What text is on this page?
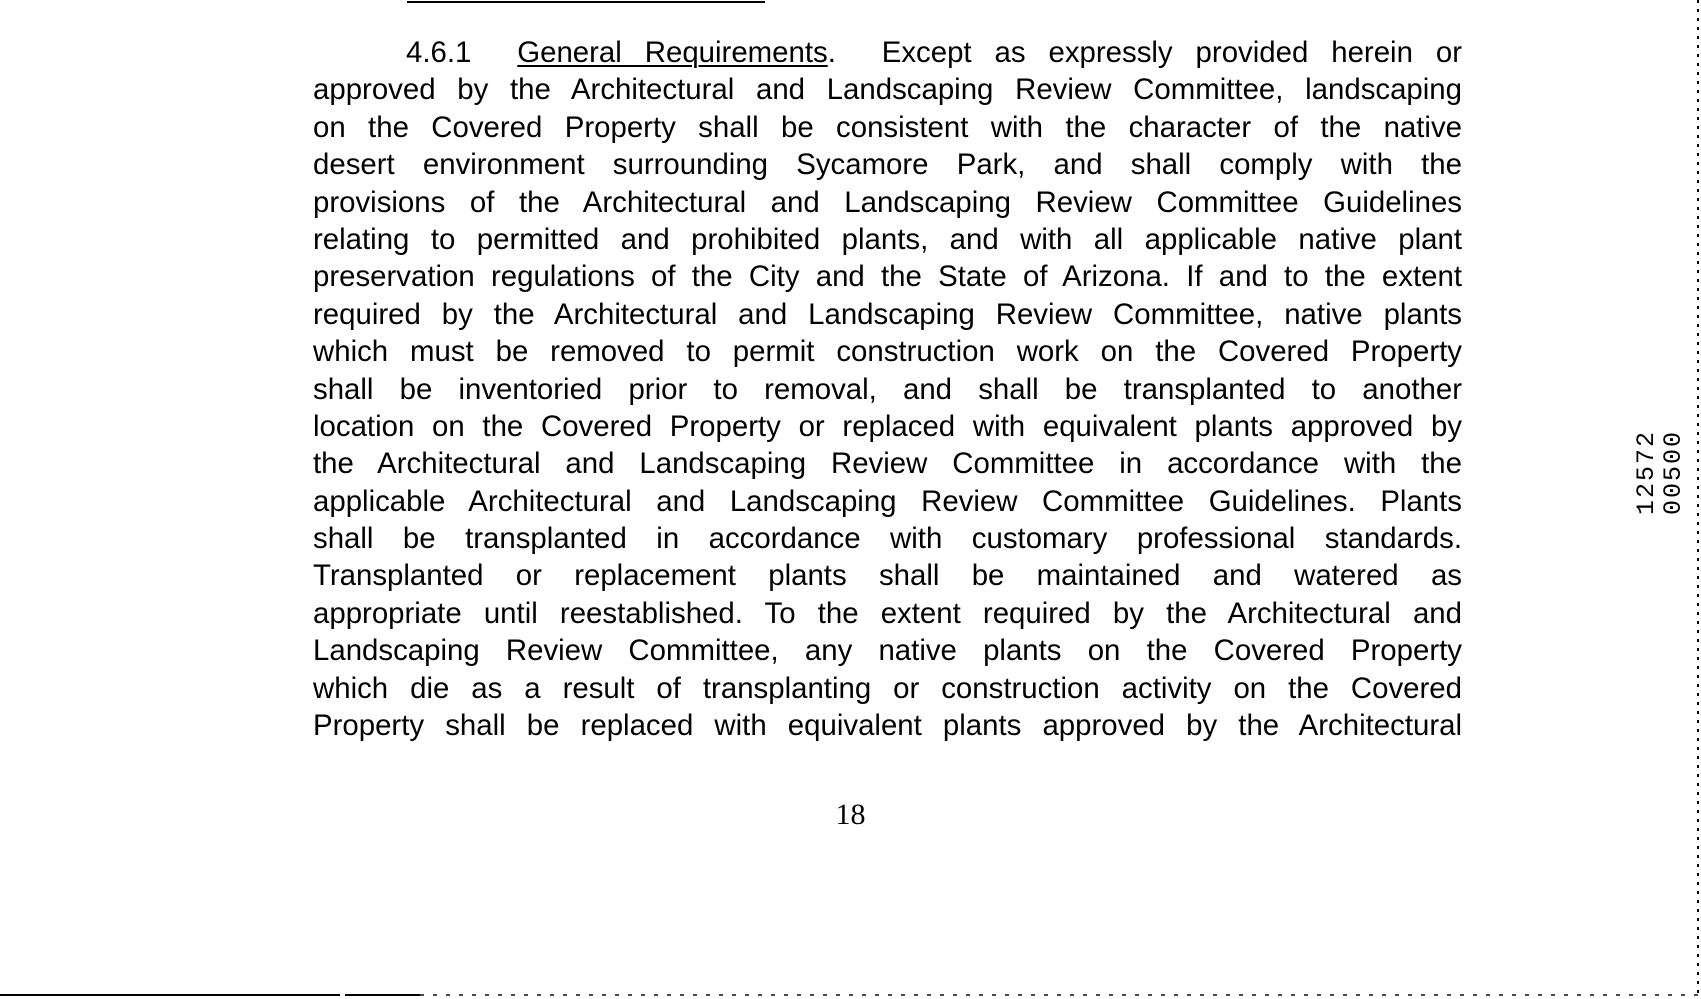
4.6.1 General Requirements.  Except as expressly provided herein or
approved by the Architectural and Landscaping Review Committee, landscaping
on the Covered Property shall be consistent with the character of the native
desert environment surrounding Sycamore Park, and shall comply with the
provisions of the Architectural and Landscaping Review Committee Guidelines
relating to permitted and prohibited plants, and with all applicable native plant
preservation regulations of the City and the State of Arizona. If and to the extent
required by the Architectural and Landscaping Review Committee, native plants
which must be removed to permit construction work on the Covered Property
shall be inventoried prior to removal, and shall be transplanted to another
location on the Covered Property or replaced with equivalent plants approved by
the Architectural and Landscaping Review Committee in accordance with the
applicable Architectural and Landscaping Review Committee Guidelines. Plants
shall be transplanted in accordance with customary professional standards.
Transplanted or replacement plants shall be maintained and watered as
appropriate until reestablished. To the extent required by the Architectural and
Landscaping Review Committee, any native plants on the Covered Property
which die as a result of transplanting or construction activity on the Covered
Property shall be replaced with equivalent plants approved by the Architectural
18
12572
00500
